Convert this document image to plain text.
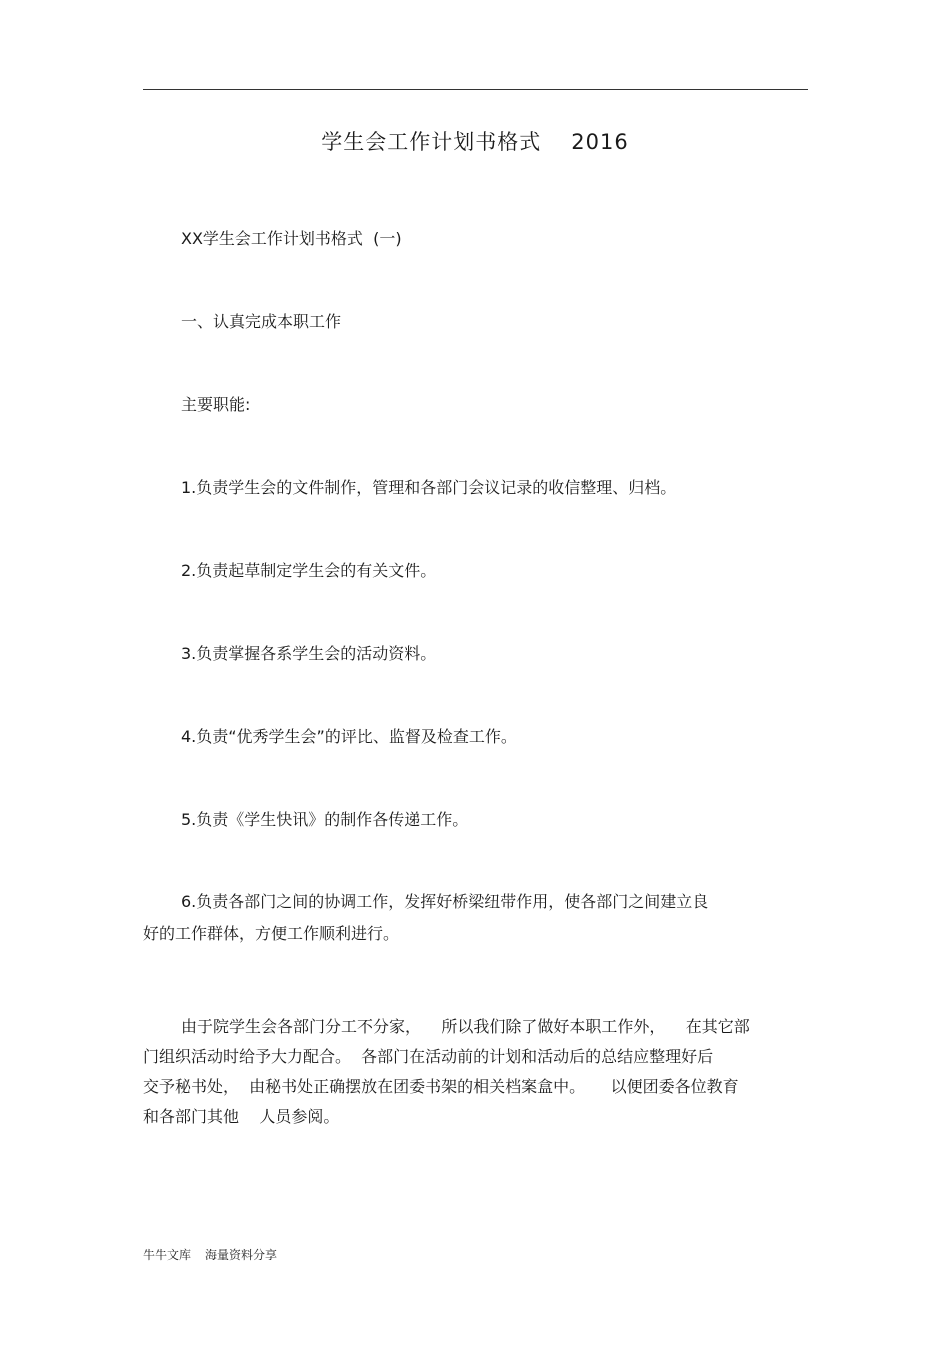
学生会工作计划书格式 2016

XX学生会工作计划书格式  (一)

一、认真完成本职工作

主要职能:

1.负责学生会的文件制作，管理和各部门会议记录的收信整理、归档。

2.负责起草制定学生会的有关文件。

3.负责掌握各系学生会的活动资料。

4.负责“优秀学生会”的评比、监督及检查工作。

5.负责《学生快讯》的制作各传递工作。

6.负责各部门之间的协调工作，发挥好桥梁纽带作用，使各部门之间建立良
好的工作群体，方便工作顺利进行。
由于院学生会各部门分工不分家，    所以我们除了做好本职工作外，    在其它部
门组织活动时给予大力配合。  各部门在活动前的计划和活动后的总结应整理好后
交予秘书处，  由秘书处正确摆放在团委书架的相关档案盒中。     以便团委各位教育
和各部门其他    人员参阅。
牛牛文库 海量资料分享
